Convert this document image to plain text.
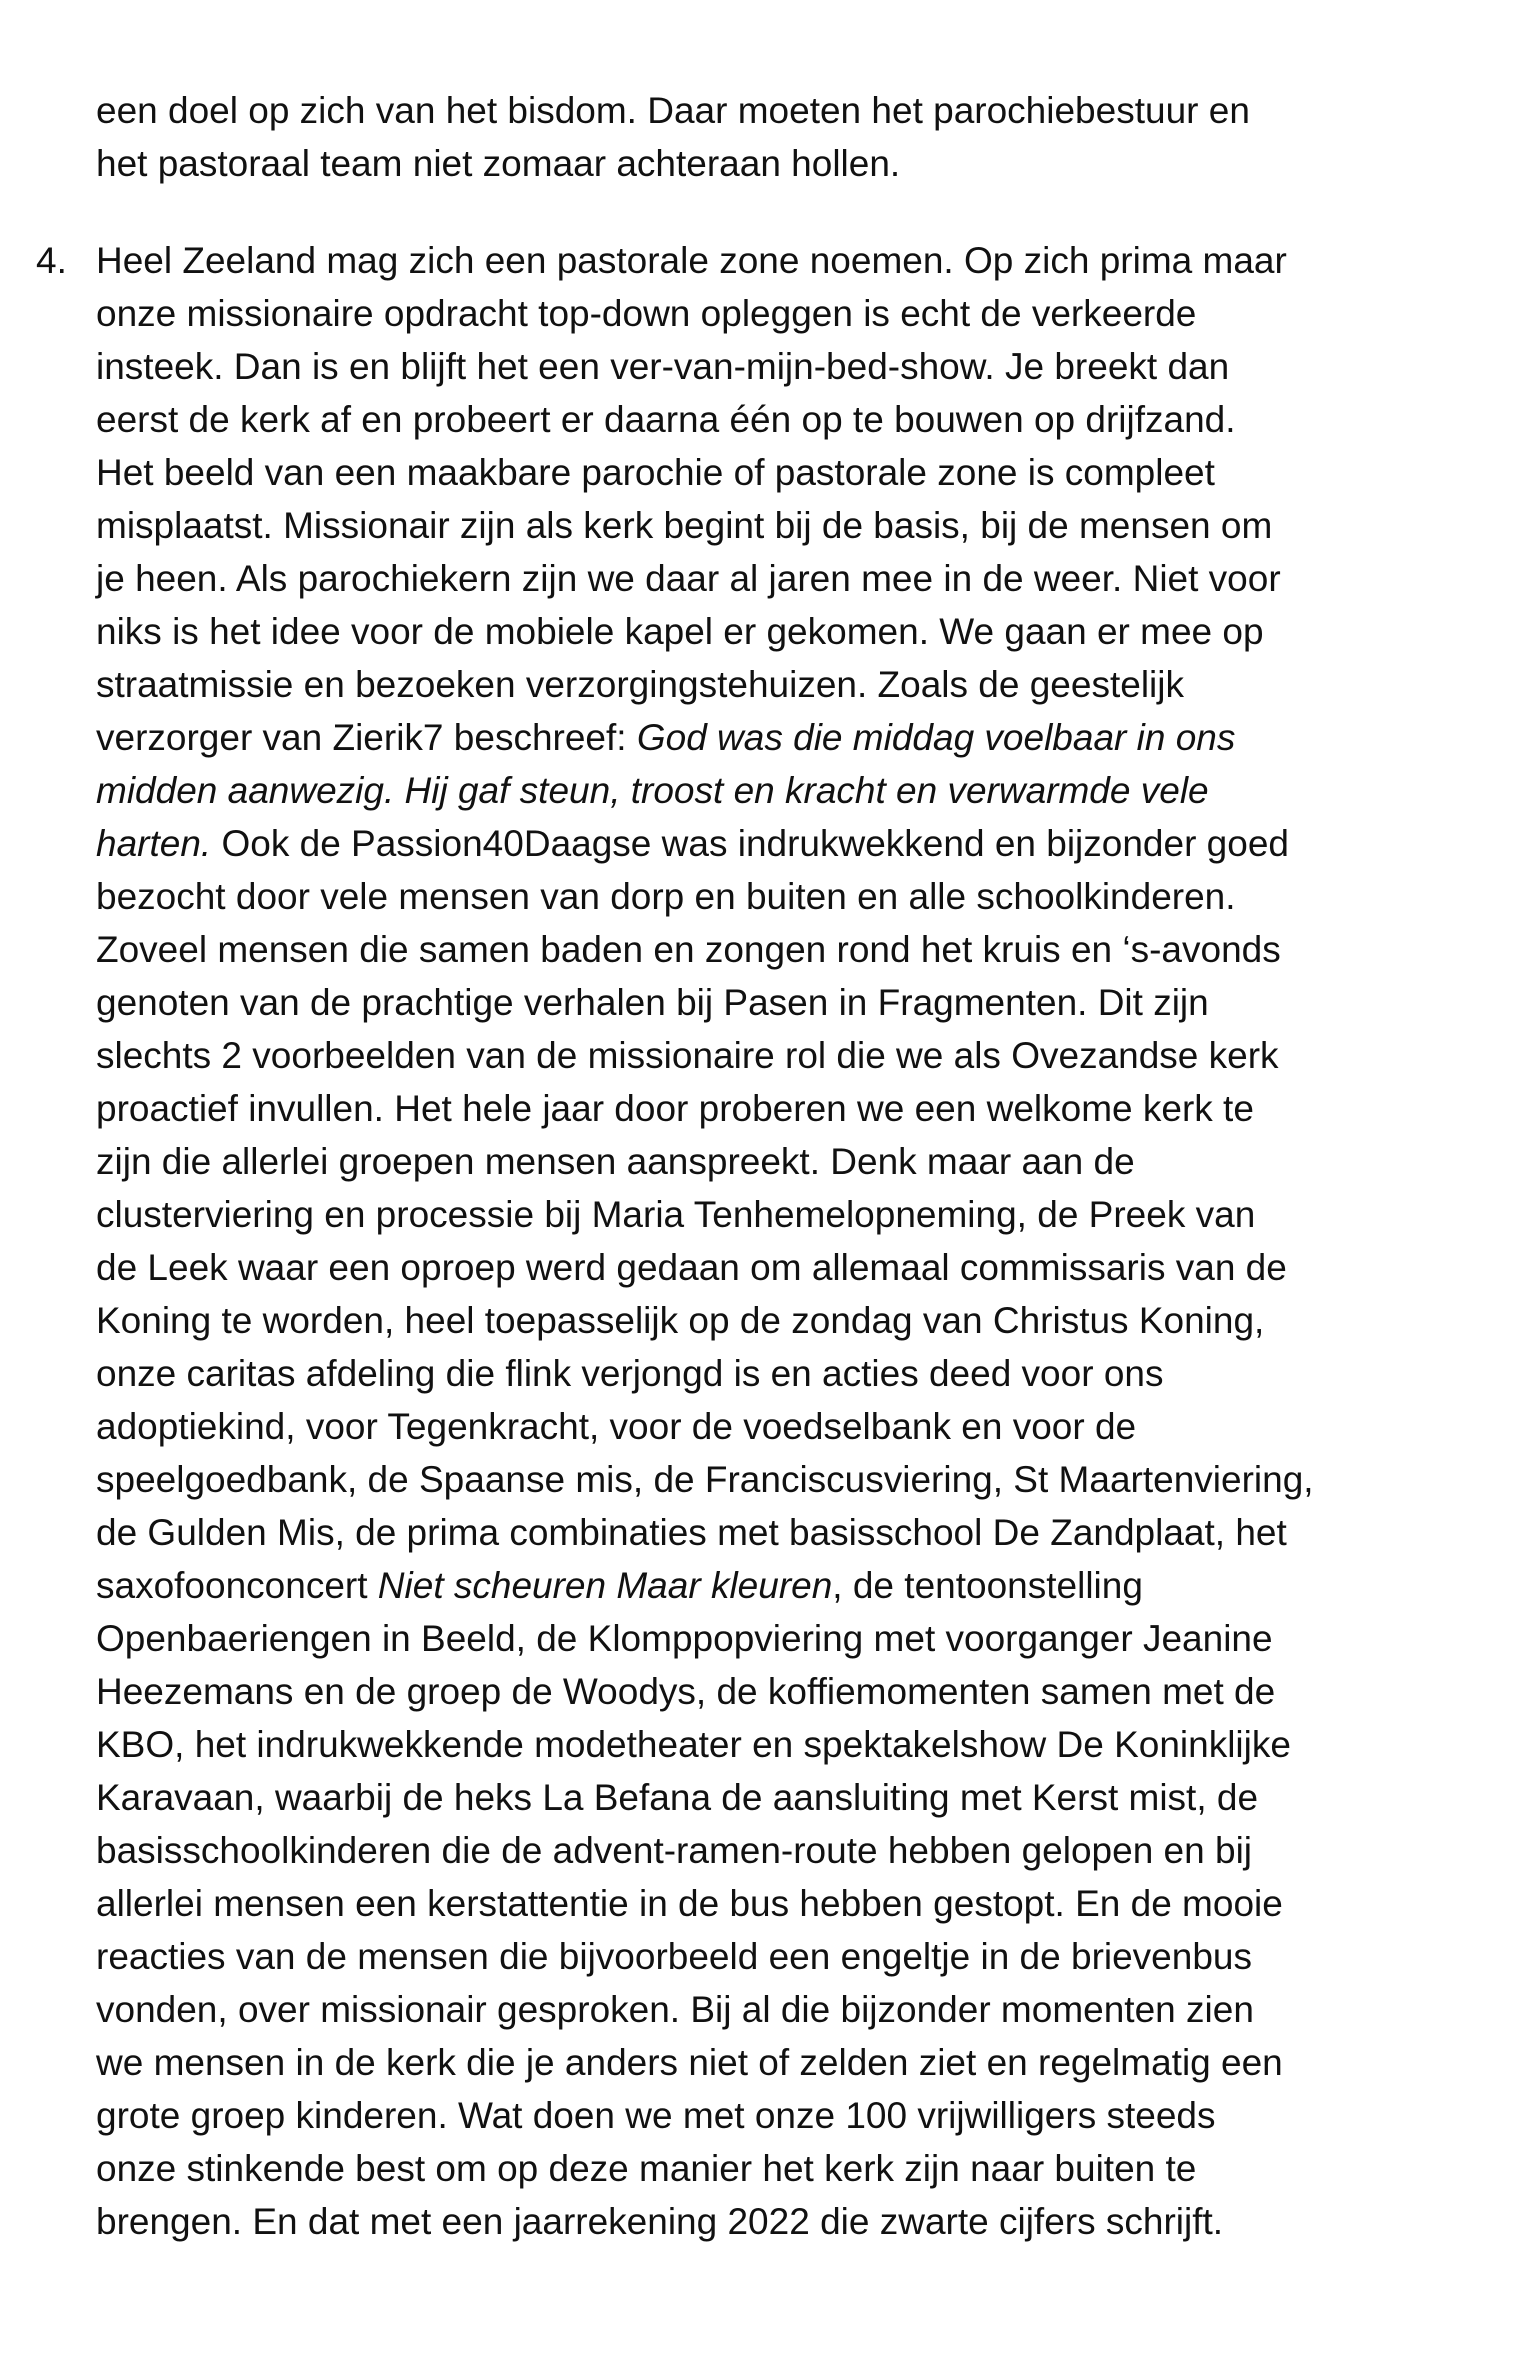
een doel op zich van het bisdom. Daar moeten het parochiebestuur en
het pastoraal team niet zomaar achteraan hollen.
4. Heel Zeeland mag zich een pastorale zone noemen. Op zich prima maar
onze missionaire opdracht top-down opleggen is echt de verkeerde
insteek. Dan is en blijft het een ver-van-mijn-bed-show. Je breekt dan
eerst de kerk af en probeert er daarna één op te bouwen op drijfzand.
Het beeld van een maakbare parochie of pastorale zone is compleet
misplaatst. Missionair zijn als kerk begint bij de basis, bij de mensen om
je heen. Als parochiekern zijn we daar al jaren mee in de weer. Niet voor
niks is het idee voor de mobiele kapel er gekomen. We gaan er mee op
straatmissie en bezoeken verzorgingstehuizen. Zoals de geestelijk
verzorger van Zierik7 beschreef: God was die middag voelbaar in ons
midden aanwezig. Hij gaf steun, troost en kracht en verwarmde vele
harten. Ook de Passion40Daagse was indrukwekkend en bijzonder goed
bezocht door vele mensen van dorp en buiten en alle schoolkinderen.
Zoveel mensen die samen baden en zongen rond het kruis en ‘s-avonds
genoten van de prachtige verhalen bij Pasen in Fragmenten. Dit zijn
slechts 2 voorbeelden van de missionaire rol die we als Ovezandse kerk
proactief invullen. Het hele jaar door proberen we een welkome kerk te
zijn die allerlei groepen mensen aanspreekt. Denk maar aan de
clusterviering en processie bij Maria Tenhemelopneming, de Preek van
de Leek waar een oproep werd gedaan om allemaal commissaris van de
Koning te worden, heel toepasselijk op de zondag van Christus Koning,
onze caritas afdeling die flink verjongd is en acties deed voor ons
adoptiekind, voor Tegenkracht, voor de voedselbank en voor de
speelgoedbank, de Spaanse mis, de Franciscusviering, St Maartenviering,
de Gulden Mis, de prima combinaties met basisschool De Zandplaat, het
saxofoonconcert Niet scheuren Maar kleuren, de tentoonstelling
Openbaeriengen in Beeld, de Klomppopviering met voorganger Jeanine
Heezemans en de groep de Woodys, de koffiemomenten samen met de
KBO, het indrukwekkende modetheater en spektakelshow De Koninklijke
Karavaan, waarbij de heks La Befana de aansluiting met Kerst mist, de
basisschoolkinderen die de advent-ramen-route hebben gelopen en bij
allerlei mensen een kerstattentie in de bus hebben gestopt. En de mooie
reacties van de mensen die bijvoorbeeld een engeltje in de brievenbus
vonden, over missionair gesproken. Bij al die bijzonder momenten zien
we mensen in de kerk die je anders niet of zelden ziet en regelmatig een
grote groep kinderen. Wat doen we met onze 100 vrijwilligers steeds
onze stinkende best om op deze manier het kerk zijn naar buiten te
brengen. En dat met een jaarrekening 2022 die zwarte cijfers schrijft.
